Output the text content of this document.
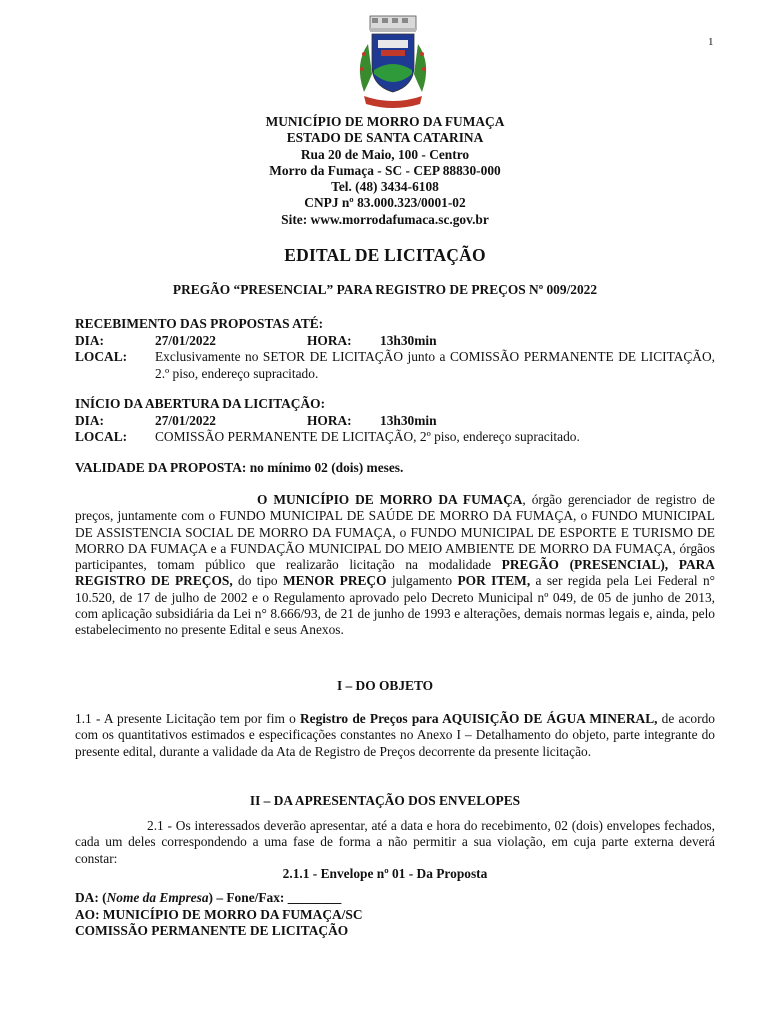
1
MUNICÍPIO DE MORRO DA FUMAÇA
ESTADO DE SANTA CATARINA
Rua 20 de Maio, 100 - Centro
Morro da Fumaça - SC - CEP 88830-000
Tel. (48) 3434-6108
CNPJ nº 83.000.323/0001-02
Site: www.morrodafumaca.sc.gov.br
EDITAL DE LICITAÇÃO
PREGÃO “PRESENCIAL” PARA REGISTRO DE PREÇOS Nº 009/2022
RECEBIMENTO DAS PROPOSTAS ATÉ:
DIA:	27/01/2022	HORA:	13h30min
LOCAL:	Exclusivamente no SETOR DE LICITAÇÃO junto a COMISSÃO PERMANENTE DE LICITAÇÃO, 2.º piso, endereço supracitado.
INÍCIO DA ABERTURA DA LICITAÇÃO:
DIA:	27/01/2022	HORA:	13h30min
LOCAL:	COMISSÃO PERMANENTE DE LICITAÇÃO, 2º piso, endereço supracitado.
VALIDADE DA PROPOSTA: no mínimo 02 (dois) meses.
O MUNICÍPIO DE MORRO DA FUMAÇA, órgão gerenciador de registro de preços, juntamente com o FUNDO MUNICIPAL DE SAÚDE DE MORRO DA FUMAÇA, o FUNDO MUNICIPAL DE ASSISTENCIA SOCIAL DE MORRO DA FUMAÇA, o FUNDO MUNICIPAL DE ESPORTE E TURISMO DE MORRO DA FUMAÇA e a FUNDAÇÃO MUNICIPAL DO MEIO AMBIENTE DE MORRO DA FUMAÇA, órgãos participantes, tomam público que realizarão licitação na modalidade PREGÃO (PRESENCIAL), PARA REGISTRO DE PREÇOS, do tipo MENOR PREÇO julgamento POR ITEM, a ser regida pela Lei Federal n° 10.520, de 17 de julho de 2002 e o Regulamento aprovado pelo Decreto Municipal nº 049, de 05 de junho de 2013, com aplicação subsidiária da Lei n° 8.666/93, de 21 de junho de 1993 e alterações, demais normas legais e, ainda, pelo estabelecimento no presente Edital e seus Anexos.
I – DO OBJETO
1.1 - A presente Licitação tem por fim o Registro de Preços para AQUISIÇÃO DE ÁGUA MINERAL, de acordo com os quantitativos estimados e especificações constantes no Anexo I – Detalhamento do objeto, parte integrante do presente edital, durante a validade da Ata de Registro de Preços decorrente da presente licitação.
II – DA APRESENTAÇÃO DOS ENVELOPES
2.1 - Os interessados deverão apresentar, até a data e hora do recebimento, 02 (dois) envelopes fechados, cada um deles correspondendo a uma fase de forma a não permitir a sua violação, em cuja parte externa deverá constar:
2.1.1 - Envelope nº 01 - Da Proposta
DA: (Nome da Empresa) – Fone/Fax: ________
AO: MUNICÍPIO DE MORRO DA FUMAÇA/SC
COMISSÃO PERMANENTE DE LICITAÇÃO
